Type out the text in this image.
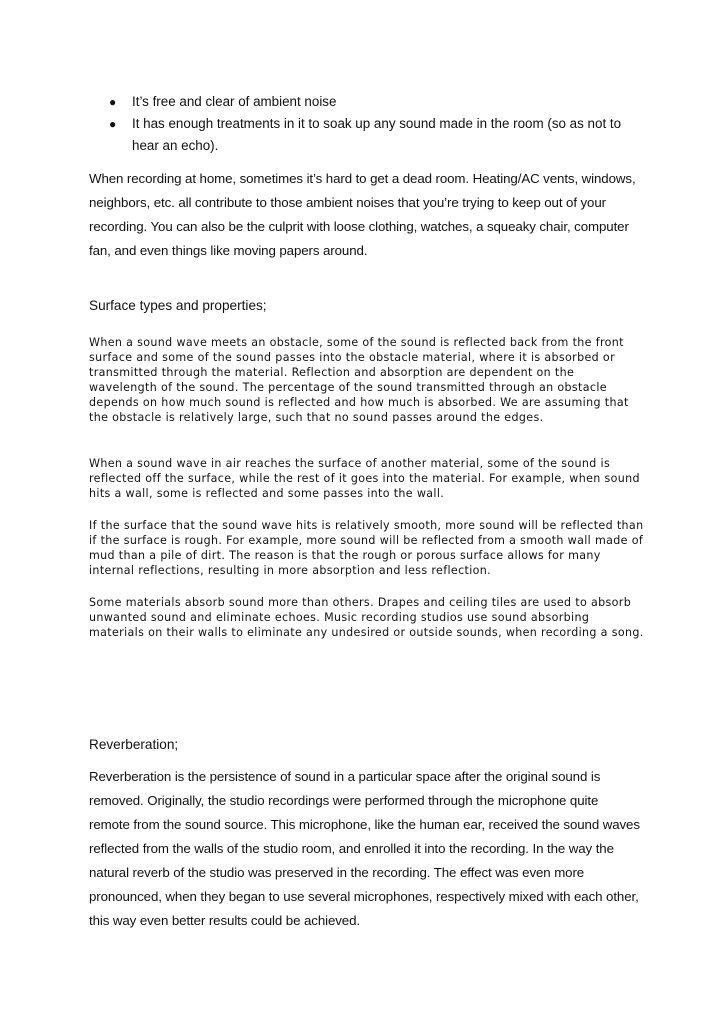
● It’s free and clear of ambient noise
● It has enough treatments in it to soak up any sound made in the room (so as not to hear an echo).

When recording at home, sometimes it’s hard to get a dead room. Heating/AC vents, windows, neighbors, etc. all contribute to those ambient noises that you’re trying to keep out of your recording. You can also be the culprit with loose clothing, watches, a squeaky chair, computer fan, and even things like moving papers around.

Surface types and properties;

When a sound wave meets an obstacle, some of the sound is reflected back from the front surface and some of the sound passes into the obstacle material, where it is absorbed or transmitted through the material. Reflection and absorption are dependent on the wavelength of the sound. The percentage of the sound transmitted through an obstacle depends on how much sound is reflected and how much is absorbed. We are assuming that the obstacle is relatively large, such that no sound passes around the edges.

When a sound wave in air reaches the surface of another material, some of the sound is reflected off the surface, while the rest of it goes into the material. For example, when sound hits a wall, some is reflected and some passes into the wall.

If the surface that the sound wave hits is relatively smooth, more sound will be reflected than if the surface is rough. For example, more sound will be reflected from a smooth wall made of mud than a pile of dirt. The reason is that the rough or porous surface allows for many internal reflections, resulting in more absorption and less reflection.

Some materials absorb sound more than others. Drapes and ceiling tiles are used to absorb unwanted sound and eliminate echoes. Music recording studios use sound absorbing materials on their walls to eliminate any undesired or outside sounds, when recording a song.

Reverberation;

Reverberation is the persistence of sound in a particular space after the original sound is removed. Originally, the studio recordings were performed through the microphone quite remote from the sound source. This microphone, like the human ear, received the sound waves reflected from the walls of the studio room, and enrolled it into the recording. In the way the natural reverb of the studio was preserved in the recording. The effect was even more pronounced, when they began to use several microphones, respectively mixed with each other, this way even better results could be achieved.
